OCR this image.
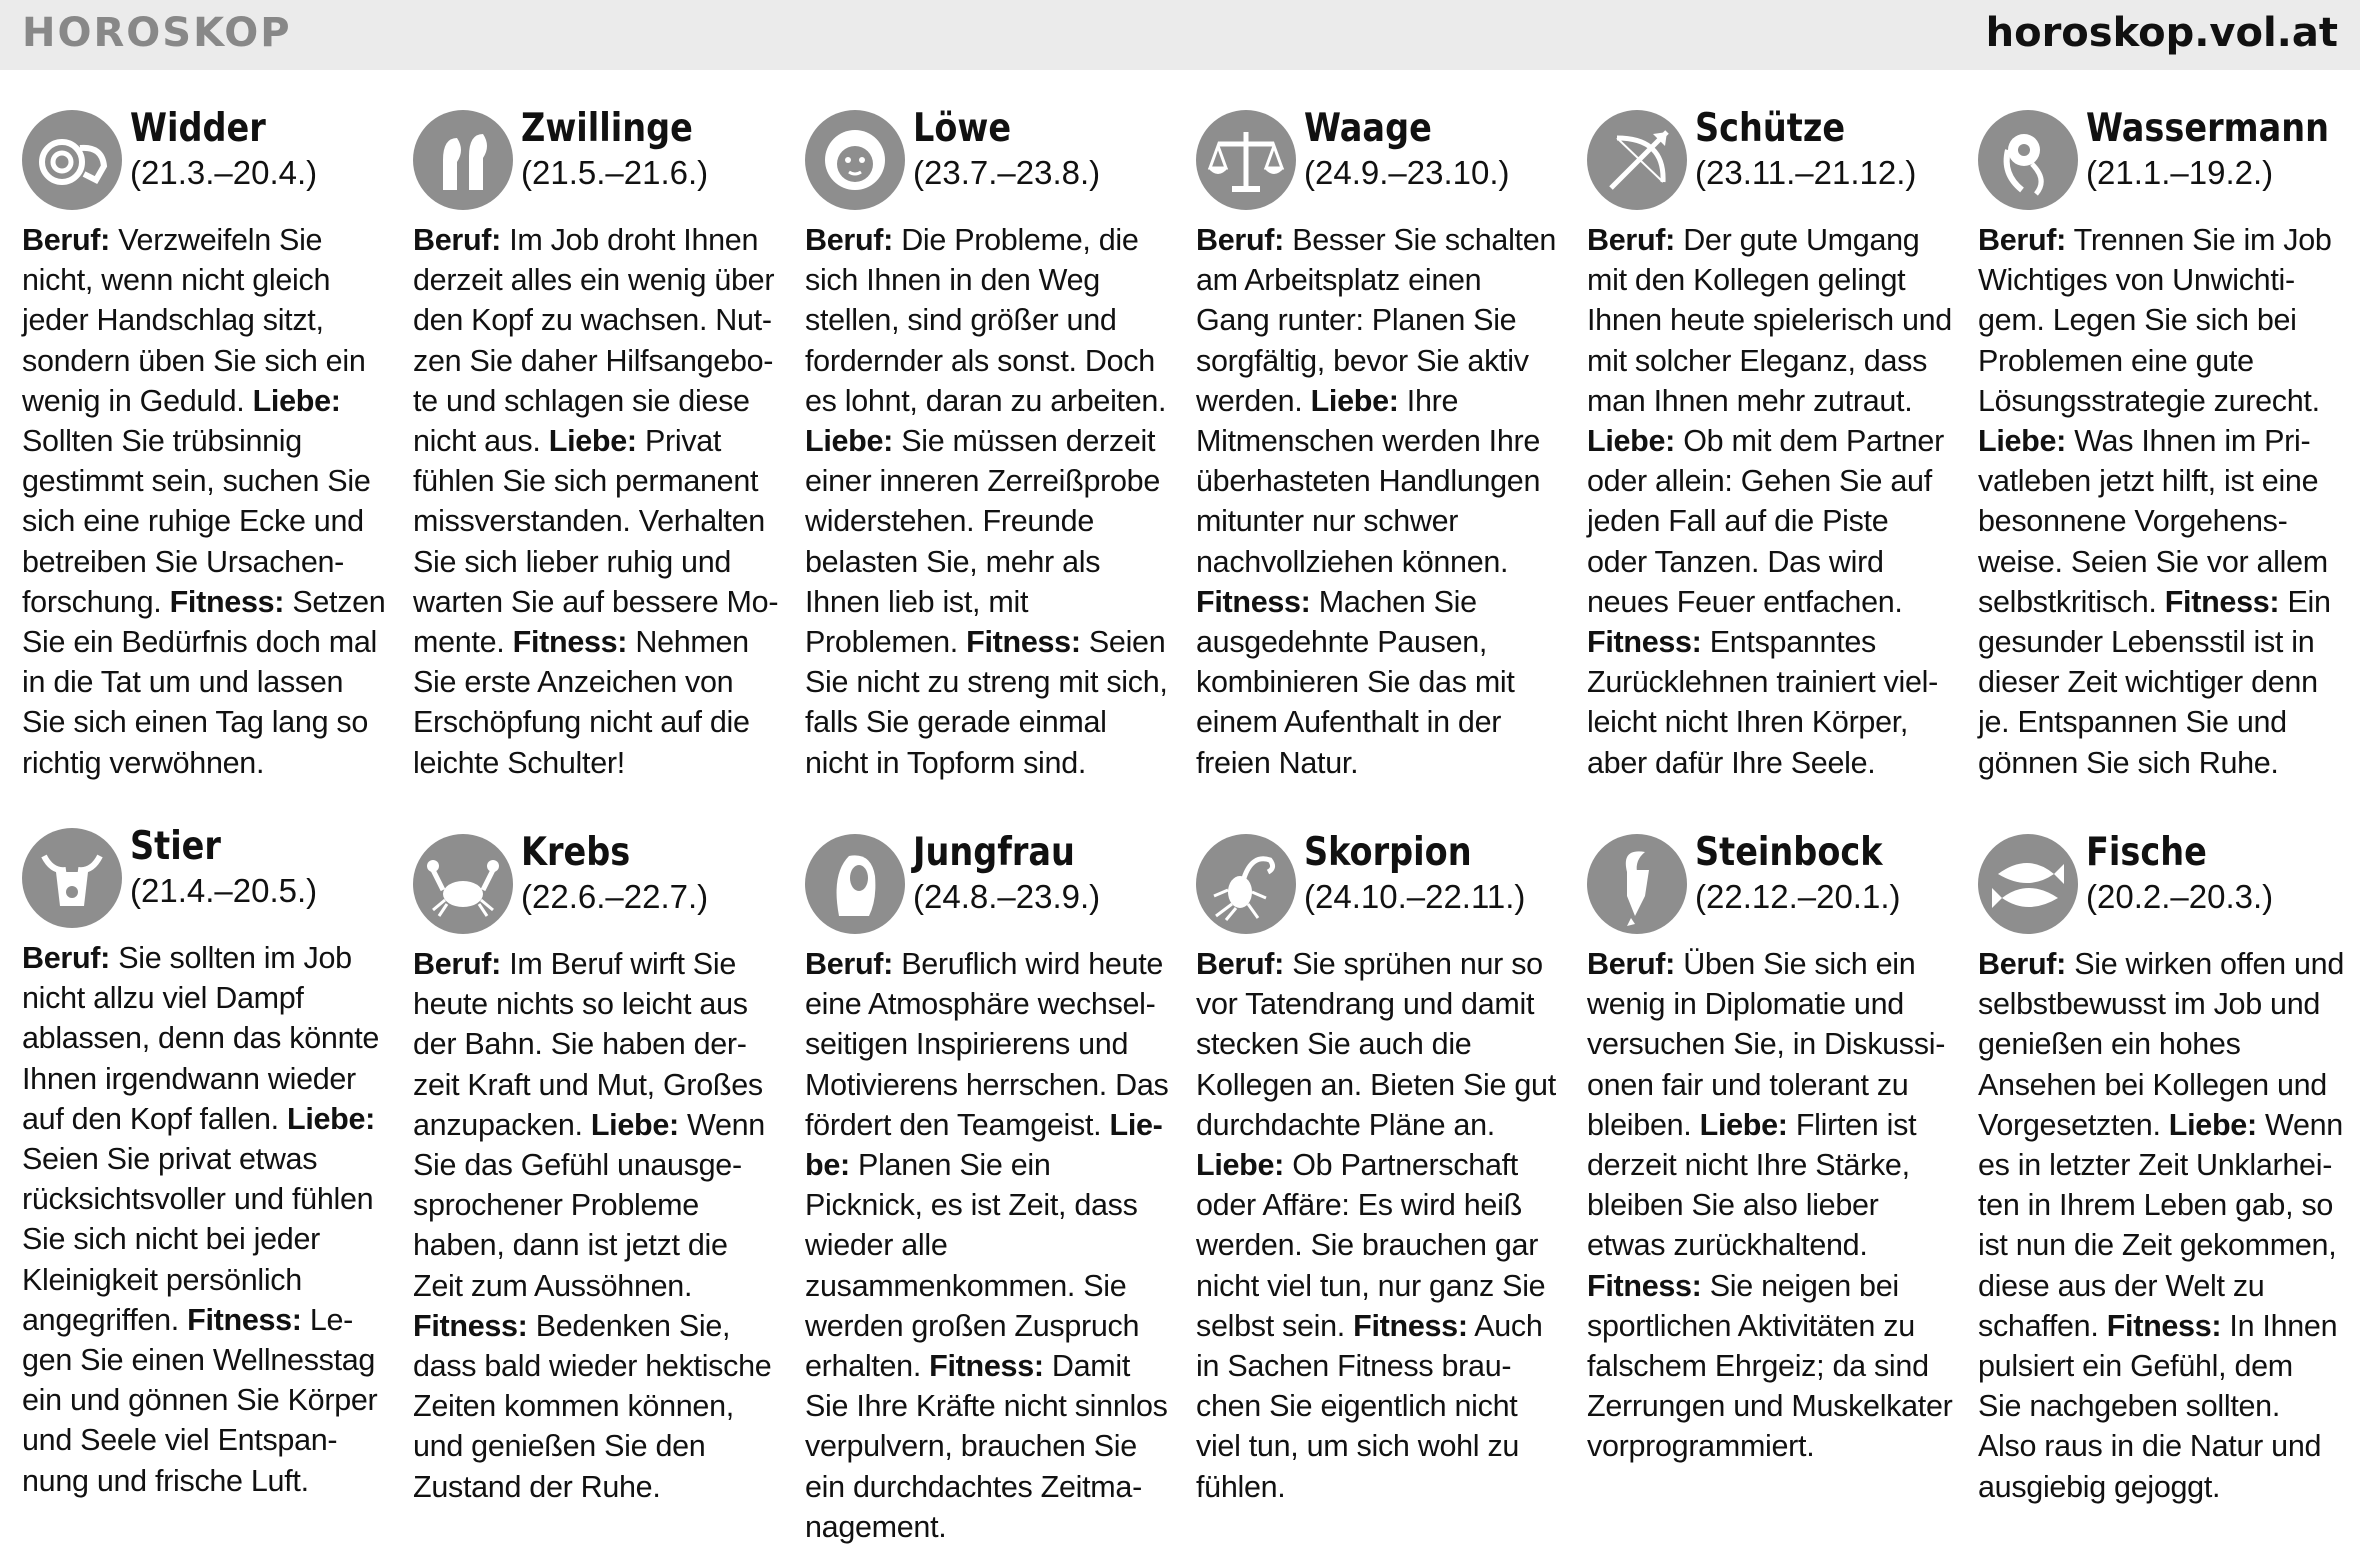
HOROSKOP	horoskop.vol.at
Widder
(21.3.–20.4.)
Beruf: Verzweifeln Sie nicht, wenn nicht gleich jeder Handschlag sitzt, sondern üben Sie sich ein wenig in Geduld. Liebe: Sollten Sie trübsinnig gestimmt sein, suchen Sie sich eine ruhige Ecke und betreiben Sie Ursachenforschung. Fitness: Setzen Sie ein Bedürfnis doch mal in die Tat um und lassen Sie sich einen Tag lang so richtig verwöhnen.
Zwillinge
(21.5.–21.6.)
Beruf: Im Job droht Ihnen derzeit alles ein wenig über den Kopf zu wachsen. Nutzen Sie daher Hilfsangebote und schlagen sie diese nicht aus. Liebe: Privat fühlen Sie sich permanent missverstanden. Verhalten Sie sich lieber ruhig und warten Sie auf bessere Momente. Fitness: Nehmen Sie erste Anzeichen von Erschöpfung nicht auf die leichte Schulter!
Löwe
(23.7.–23.8.)
Beruf: Die Probleme, die sich Ihnen in den Weg stellen, sind größer und fordernder als sonst. Doch es lohnt, daran zu arbeiten. Liebe: Sie müssen derzeit einer inneren Zerreißprobe widerstehen. Freunde belasten Sie, mehr als Ihnen lieb ist, mit Problemen. Fitness: Seien Sie nicht zu streng mit sich, falls Sie gerade einmal nicht in Topform sind.
Waage
(24.9.–23.10.)
Beruf: Besser Sie schalten am Arbeitsplatz einen Gang runter: Planen Sie sorgfältig, bevor Sie aktiv werden. Liebe: Ihre Mitmenschen werden Ihre überhasteten Handlungen mitunter nur schwer nachvollziehen können. Fitness: Machen Sie ausgedehnte Pausen, kombinieren Sie das mit einem Aufenthalt in der freien Natur.
Schütze
(23.11.–21.12.)
Beruf: Der gute Umgang mit den Kollegen gelingt Ihnen heute spielerisch und mit solcher Eleganz, dass man Ihnen mehr zutraut. Liebe: Ob mit dem Partner oder allein: Gehen Sie auf jeden Fall auf die Piste oder Tanzen. Das wird neues Feuer entfachen. Fitness: Entspanntes Zurücklehnen trainiert vielleicht nicht Ihren Körper, aber dafür Ihre Seele.
Wassermann
(21.1.–19.2.)
Beruf: Trennen Sie im Job Wichtiges von Unwichtigem. Legen Sie sich bei Problemen eine gute Lösungsstrategie zurecht. Liebe: Was Ihnen im Privatleben jetzt hilft, ist eine besonnene Vorgehensweise. Seien Sie vor allem selbstkritisch. Fitness: Ein gesunder Lebensstil ist in dieser Zeit wichtiger denn je. Entspannen Sie und gönnen Sie sich Ruhe.
Stier
(21.4.–20.5.)
Beruf: Sie sollten im Job nicht allzu viel Dampf ablassen, denn das könnte Ihnen irgendwann wieder auf den Kopf fallen. Liebe: Seien Sie privat etwas rücksichtsvoller und fühlen Sie sich nicht bei jeder Kleinigkeit persönlich angegriffen. Fitness: Legen Sie einen Wellnesstag ein und gönnen Sie Körper und Seele viel Entspannung und frische Luft.
Krebs
(22.6.–22.7.)
Beruf: Im Beruf wirft Sie heute nichts so leicht aus der Bahn. Sie haben derzeit Kraft und Mut, Großes anzupacken. Liebe: Wenn Sie das Gefühl unausgesprochener Probleme haben, dann ist jetzt die Zeit zum Aussöhnen. Fitness: Bedenken Sie, dass bald wieder hektische Zeiten kommen können, und genießen Sie den Zustand der Ruhe.
Jungfrau
(24.8.–23.9.)
Beruf: Beruflich wird heute eine Atmosphäre wechselseitigen Inspirierens und Motivierens herrschen. Das fördert den Teamgeist. Liebe: Planen Sie ein Picknick, es ist Zeit, dass wieder alle zusammenkommen. Sie werden großen Zuspruch erhalten. Fitness: Damit Sie Ihre Kräfte nicht sinnlos verpulvern, brauchen Sie ein durchdachtes Zeitmanagement.
Skorpion
(24.10.–22.11.)
Beruf: Sie sprühen nur so vor Tatendrang und damit stecken Sie auch die Kollegen an. Bieten Sie gut durchdachte Pläne an. Liebe: Ob Partnerschaft oder Affäre: Es wird heiß werden. Sie brauchen gar nicht viel tun, nur ganz Sie selbst sein. Fitness: Auch in Sachen Fitness brauchen Sie eigentlich nicht viel tun, um sich wohl zu fühlen.
Steinbock
(22.12.–20.1.)
Beruf: Üben Sie sich ein wenig in Diplomatie und versuchen Sie, in Diskussionen fair und tolerant zu bleiben. Liebe: Flirten ist derzeit nicht Ihre Stärke, bleiben Sie also lieber etwas zurückhaltend. Fitness: Sie neigen bei sportlichen Aktivitäten zu falschem Ehrgeiz; da sind Zerrungen und Muskelkater vorprogrammiert.
Fische
(20.2.–20.3.)
Beruf: Sie wirken offen und selbstbewusst im Job und genießen ein hohes Ansehen bei Kollegen und Vorgesetzten. Liebe: Wenn es in letzter Zeit Unklarheiten in Ihrem Leben gab, so ist nun die Zeit gekommen, diese aus der Welt zu schaffen. Fitness: In Ihnen pulsiert ein Gefühl, dem Sie nachgeben sollten. Also raus in die Natur und ausgiebig gejoggt.
